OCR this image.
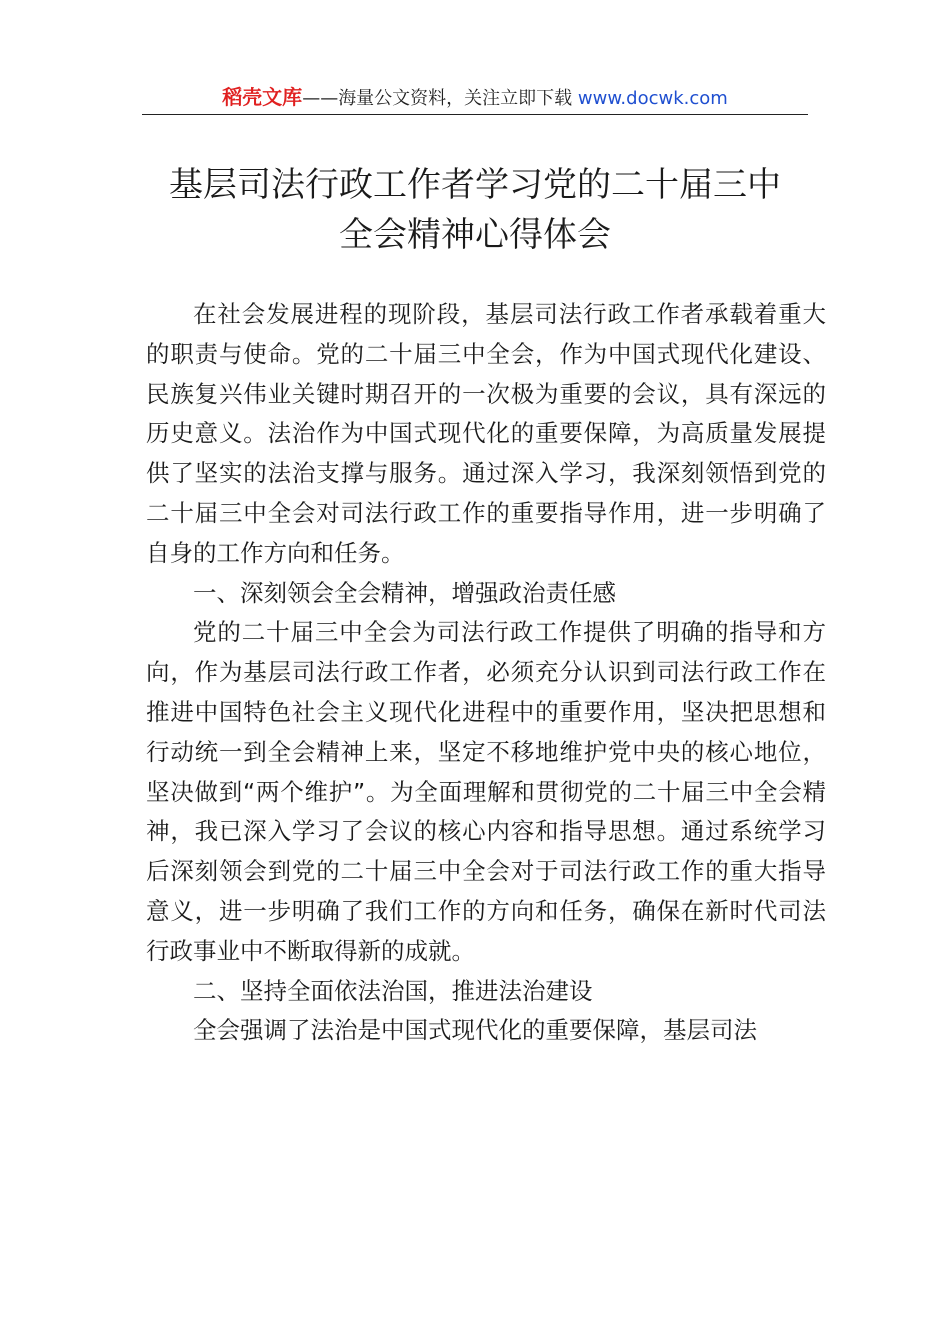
稻壳文库——海量公文资料，关注立即下载 www.docwk.com
基层司法行政工作者学习党的二十届三中
全会精神心得体会

在社会发展进程的现阶段，基层司法行政工作者承载着重大的职责与使命。党的二十届三中全会，作为中国式现代化建设、民族复兴伟业关键时期召开的一次极为重要的会议，具有深远的历史意义。法治作为中国式现代化的重要保障，为高质量发展提供了坚实的法治支撑与服务。通过深入学习，我深刻领悟到党的二十届三中全会对司法行政工作的重要指导作用，进一步明确了自身的工作方向和任务。

一、深刻领会全会精神，增强政治责任感

党的二十届三中全会为司法行政工作提供了明确的指导和方向，作为基层司法行政工作者，必须充分认识到司法行政工作在推进中国特色社会主义现代化进程中的重要作用，坚决把思想和行动统一到全会精神上来，坚定不移地维护党中央的核心地位，坚决做到“两个维护”。为全面理解和贯彻党的二十届三中全会精神，我已深入学习了会议的核心内容和指导思想。通过系统学习后深刻领会到党的二十届三中全会对于司法行政工作的重大指导意义，进一步明确了我们工作的方向和任务，确保在新时代司法行政事业中不断取得新的成就。

二、坚持全面依法治国，推进法治建设

全会强调了法治是中国式现代化的重要保障，基层司法
